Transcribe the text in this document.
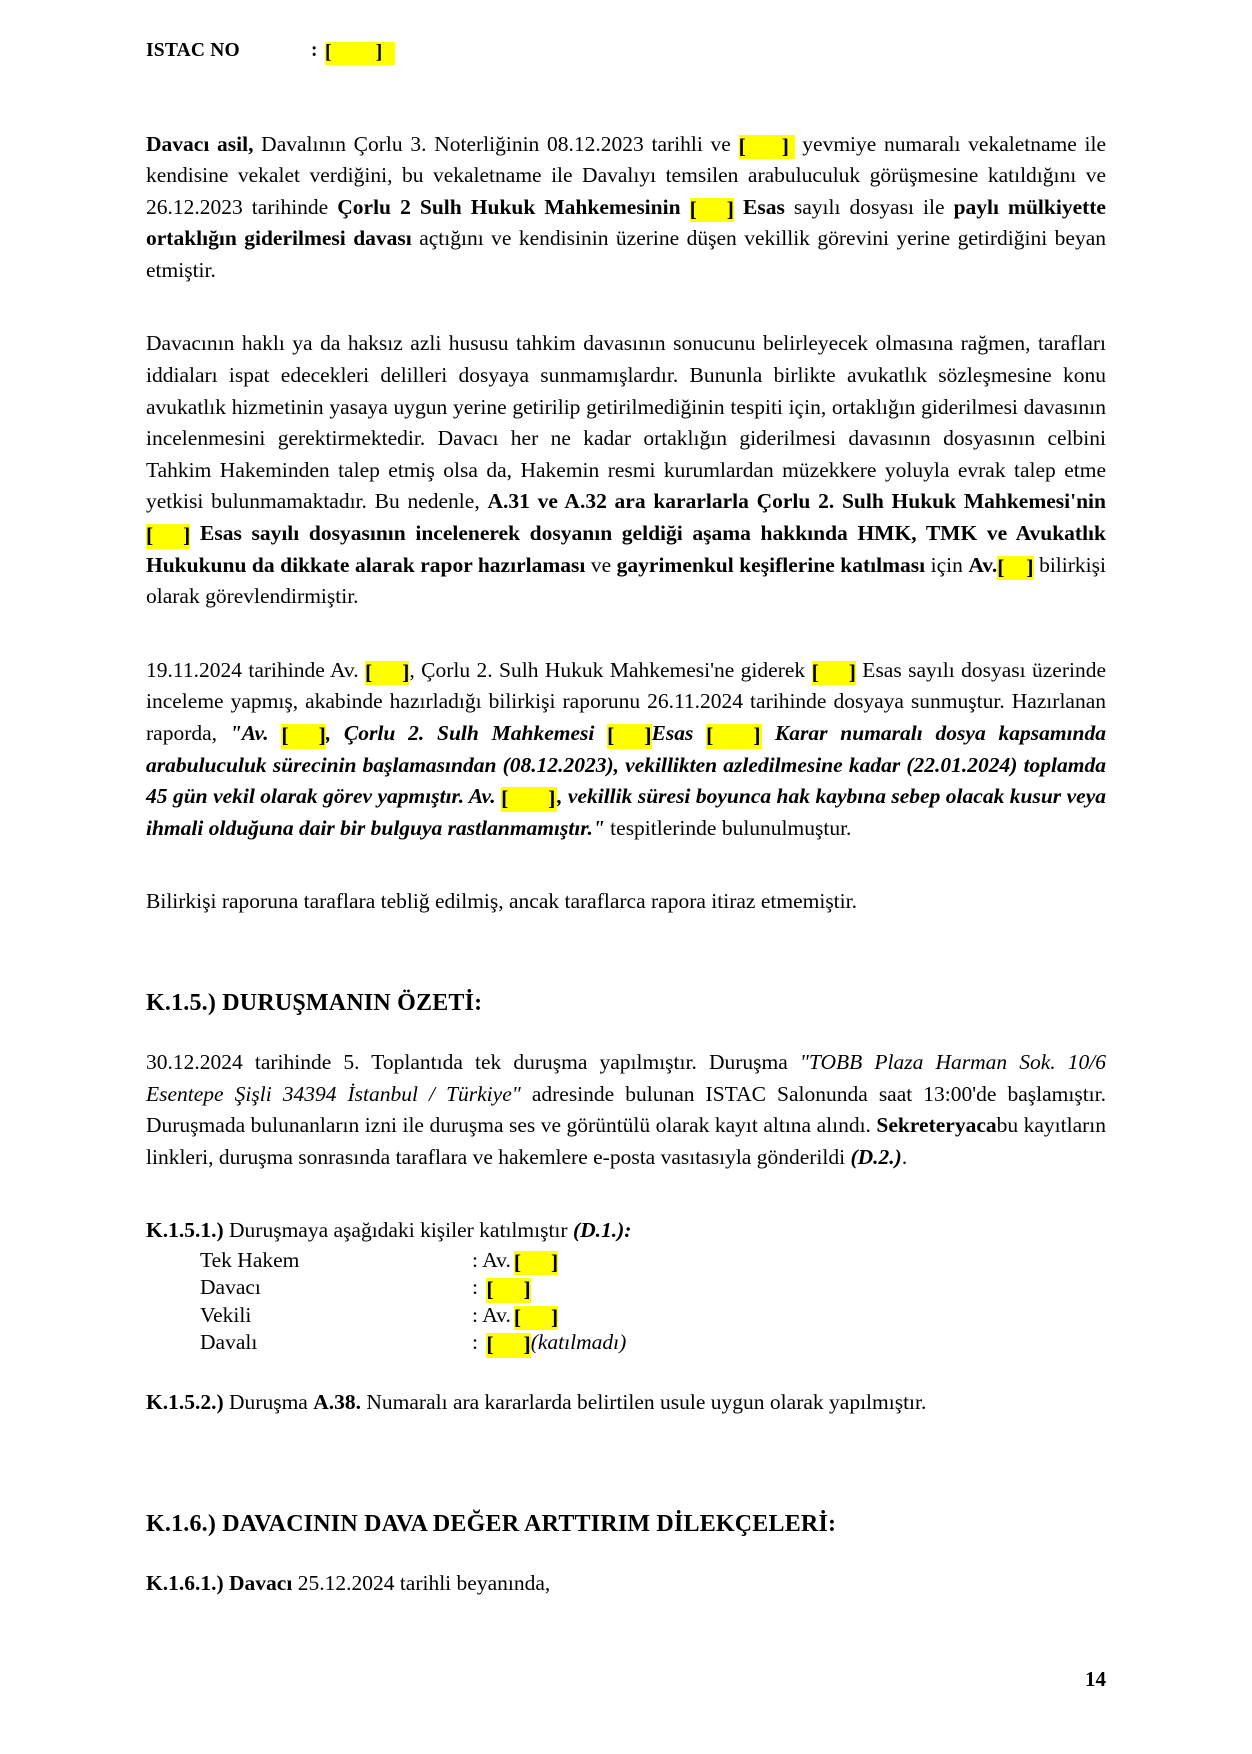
ISTAC NO	: [ ]

Davacı asil, Davalının Çorlu 3. Noterliğinin 08.12.2023 tarihli ve [ ] yevmiye numaralı vekaletname ile kendisine vekalet verdiğini, bu vekaletname ile Davalıyı temsilen arabuluculuk görüşmesine katıldığını ve 26.12.2023 tarihinde Çorlu 2 Sulh Hukuk Mahkemesinin [ ] Esas sayılı dosyası ile paylı mülkiyette ortaklığın giderilmesi davası açtığını ve kendisinin üzerine düşen vekillik görevini yerine getirdiğini beyan etmiştir.

Davacının haklı ya da haksız azli hususu tahkim davasının sonucunu belirleyecek olmasına rağmen, tarafları iddiaları ispat edecekleri delilleri dosyaya sunmamışlardır. Bununla birlikte avukatlık sözleşmesine konu avukatlık hizmetinin yasaya uygun yerine getirilip getirilmediğinin tespiti için, ortaklığın giderilmesi davasının incelenmesini gerektirmektedir. Davacı her ne kadar ortaklığın giderilmesi davasının dosyasının celbini Tahkim Hakeminden talep etmiş olsa da, Hakemin resmi kurumlardan müzekkere yoluyla evrak talep etme yetkisi bulunmamaktadır. Bu nedenle, A.31 ve A.32 ara kararlarla Çorlu 2. Sulh Hukuk Mahkemesi'nin [ ] Esas sayılı dosyasının incelenerek dosyanın geldiği aşama hakkında HMK, TMK ve Avukatlık Hukukunu da dikkate alarak rapor hazırlaması ve gayrimenkul keşiflerine katılması için Av.[ ] bilirkişi olarak görevlendirmiştir.

19.11.2024 tarihinde Av. [ ], Çorlu 2. Sulh Hukuk Mahkemesi'ne giderek [ ] Esas sayılı dosyası üzerinde inceleme yapmış, akabinde hazırladığı bilirkişi raporunu 26.11.2024 tarihinde dosyaya sunmuştur. Hazırlanan raporda, "Av. [ ], Çorlu 2. Sulh Mahkemesi [ ]Esas [ ] Karar numaralı dosya kapsamında arabuluculuk sürecinin başlamasından (08.12.2023), vekillikten azledilmesine kadar (22.01.2024) toplamda 45 gün vekil olarak görev yapmıştır. Av. [ ], vekillik süresi boyunca hak kaybına sebep olacak kusur veya ihmali olduğuna dair bir bulguya rastlanmamıştır." tespitlerinde bulunulmuştur.

Bilirkişi raporuna taraflara tebliğ edilmiş, ancak taraflarca rapora itiraz etmemiştir.

K.1.5.) DURUŞMANIN ÖZETİ:

30.12.2024 tarihinde 5. Toplantıda tek duruşma yapılmıştır. Duruşma "TOBB Plaza Harman Sok. 10/6 Esentepe Şişli 34394 İstanbul / Türkiye" adresinde bulunan ISTAC Salonunda saat 13:00'de başlamıştır. Duruşmada bulunanların izni ile duruşma ses ve görüntülü olarak kayıt altına alındı. Sekreteryacabu kayıtların linkleri, duruşma sonrasında taraflara ve hakemlere e-posta vasıtasıyla gönderildi (D.2.).

K.1.5.1.) Duruşmaya aşağıdaki kişiler katılmıştır (D.1.):

Tek Hakem	: Av. [ ]
Davacı	: [ ]
Vekili	: Av. [ ]
Davalı	: [ ](katılmadı)

K.1.5.2.) Duruşma A.38. Numaralı ara kararlarda belirtilen usule uygun olarak yapılmıştır.

K.1.6.) DAVACININ DAVA DEĞER ARTTIRIM DİLEKÇELERİ:

K.1.6.1.) Davacı 25.12.2024 tarihli beyanında,

14
